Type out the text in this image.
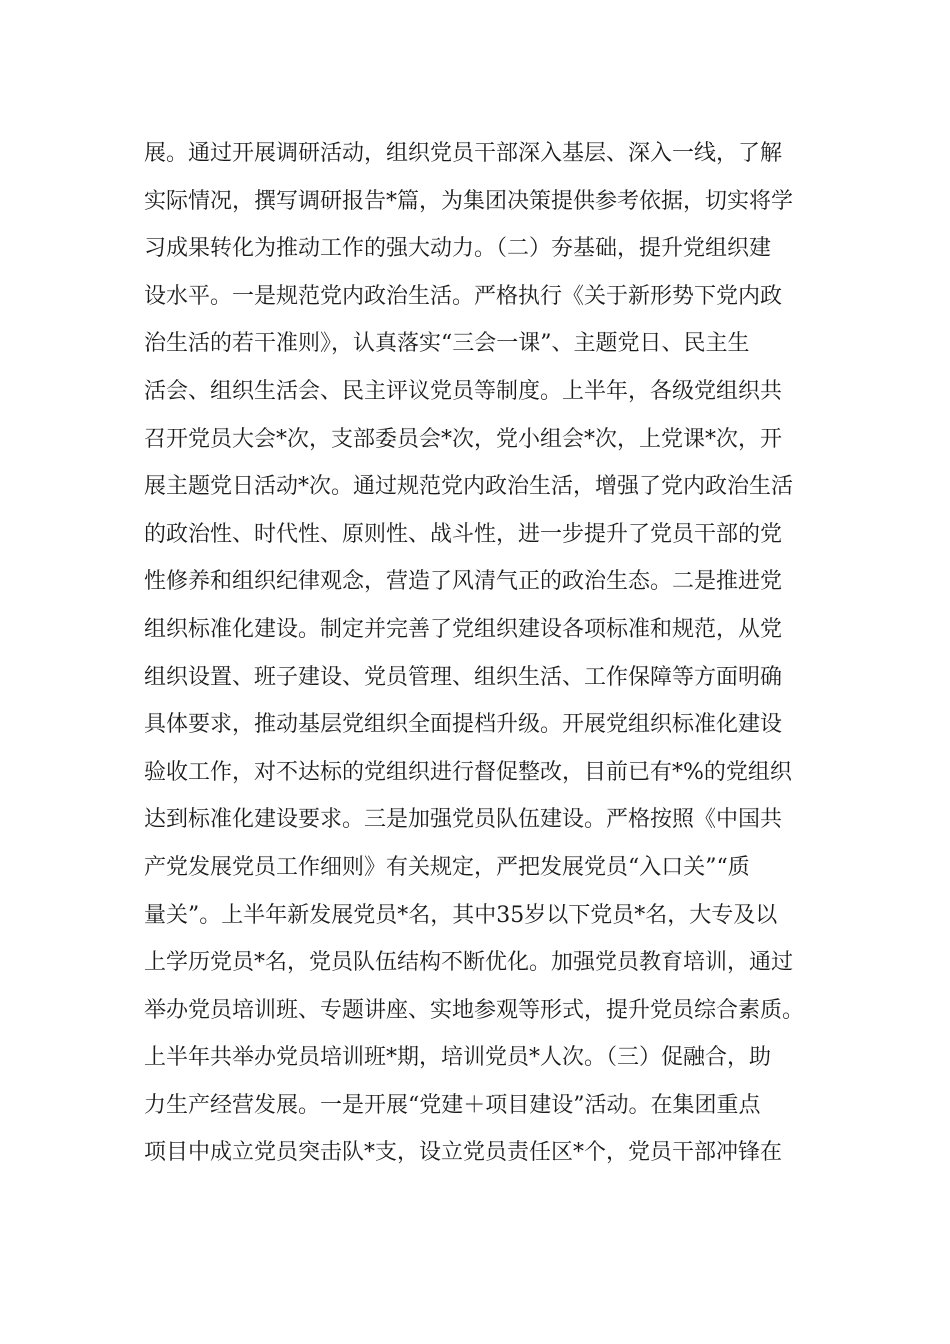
展。通过开展调研活动，组织党员干部深入基层、深入一线，了解
实际情况，撰写调研报告*篇，为集团决策提供参考依据，切实将学
习成果转化为推动工作的强大动力。（二）夯基础，提升党组织建
设水平。一是规范党内政治生活。严格执行《关于新形势下党内政
治生活的若干准则》，认真落实“三会一课”、主题党日、民主生
活会、组织生活会、民主评议党员等制度。上半年，各级党组织共
召开党员大会*次，支部委员会*次，党小组会*次，上党课*次，开
展主题党日活动*次。通过规范党内政治生活，增强了党内政治生活
的政治性、时代性、原则性、战斗性，进一步提升了党员干部的党
性修养和组织纪律观念，营造了风清气正的政治生态。二是推进党
组织标准化建设。制定并完善了党组织建设各项标准和规范，从党
组织设置、班子建设、党员管理、组织生活、工作保障等方面明确
具体要求，推动基层党组织全面提档升级。开展党组织标准化建设
验收工作，对不达标的党组织进行督促整改，目前已有*%的党组织
达到标准化建设要求。三是加强党员队伍建设。严格按照《中国共
产党发展党员工作细则》有关规定，严把发展党员“入口关”“质
量关”。上半年新发展党员*名，其中35岁以下党员*名，大专及以
上学历党员*名，党员队伍结构不断优化。加强党员教育培训，通过
举办党员培训班、专题讲座、实地参观等形式，提升党员综合素质。
上半年共举办党员培训班*期，培训党员*人次。（三）促融合，助
力生产经营发展。一是开展“党建＋项目建设”活动。在集团重点
项目中成立党员突击队*支，设立党员责任区*个，党员干部冲锋在
